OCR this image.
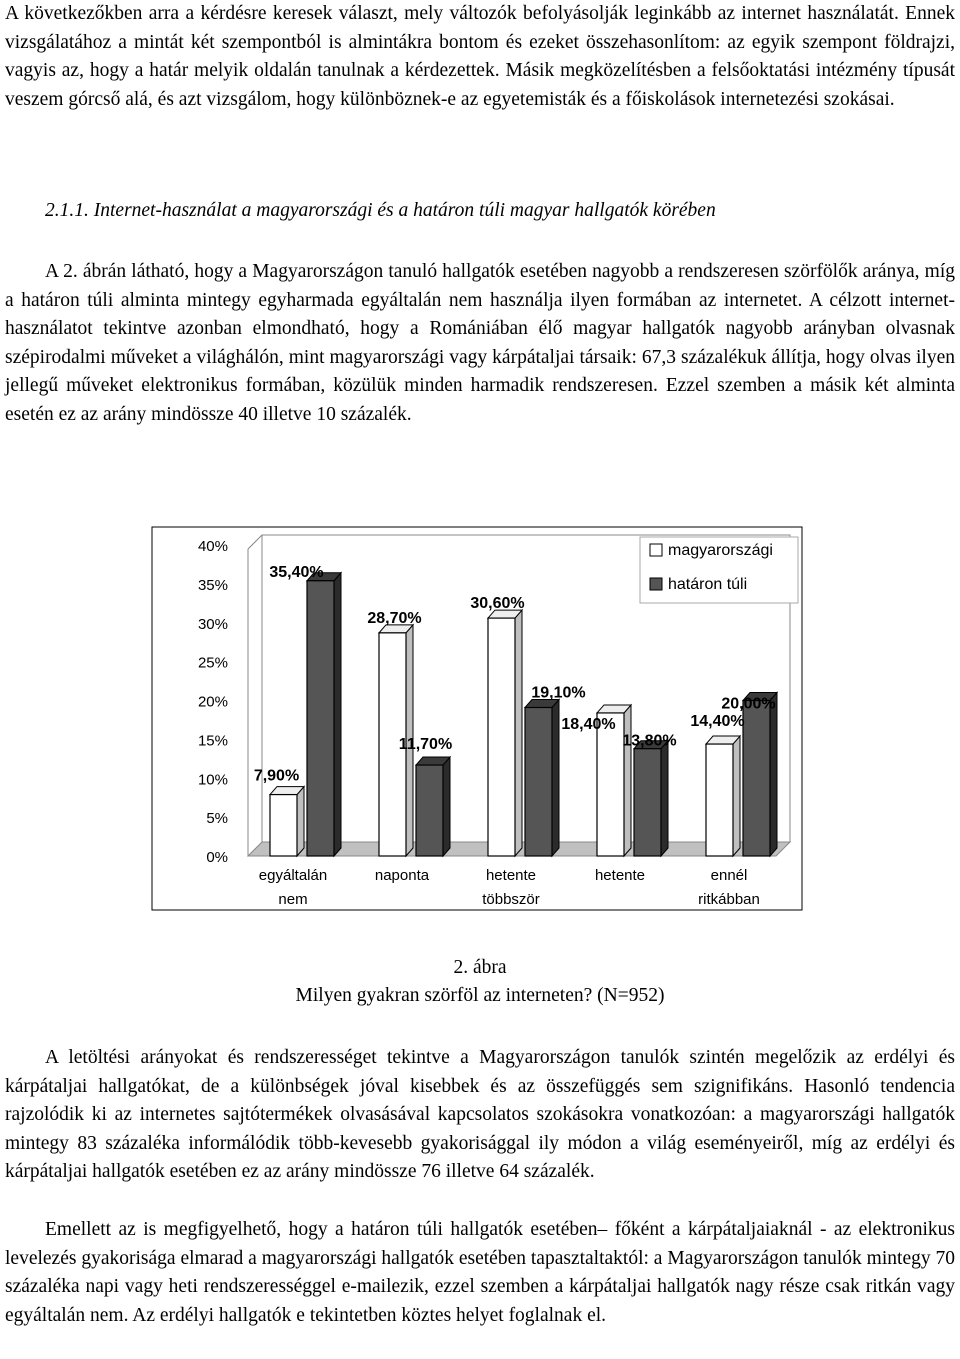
A következőkben arra a kérdésre keresek választ, mely változók befolyásolják leginkább az internet használatát. Ennek vizsgálatához a mintát két szempontból is almintákra bontom és ezeket összehasonlítom: az egyik szempont földrajzi, vagyis az, hogy a határ melyik oldalán tanulnak a kérdezettek. Másik megközelítésben a felsőoktatási intézmény típusát veszem górcső alá, és azt vizsgálom, hogy különböznek-e az egyetemisták és a főiskolások internetezési szokásai.

2.1.1. Internet-használat a magyarországi és a határon túli magyar hallgatók körében

A 2. ábrán látható, hogy a Magyarországon tanuló hallgatók esetében nagyobb a rendszeresen szörfölők aránya, míg a határon túli alminta mintegy egyharmada egyáltalán nem használja ilyen formában az internetet. A célzott internet-használatot tekintve azonban elmondható, hogy a Romániában élő magyar hallgatók nagyobb arányban olvasnak szépirodalmi műveket a világhálón, mint magyarországi vagy kárpátaljai társaik: 67,3 százalékuk állítja, hogy olvas ilyen jellegű műveket elektronikus formában, közülük minden harmadik rendszeresen. Ezzel szemben a másik két alminta esetén ez az arány mindössze 40 illetve 10 százalék.

0%
5%
10%
15%
20%
25%
30%
35%
40%
7,90%
35,40%
28,70%
11,70%
30,60%
19,10%
18,40%
13,80%
14,40%
20,00%
egyáltalán
nem
naponta	hetente
többször
hetente	ennél
ritkábban
magyarországi
határon túli

2. ábra

Milyen gyakran szörföl az interneten? (N=952)

A letöltési arányokat és rendszerességet tekintve a Magyarországon tanulók szintén megelőzik az erdélyi és kárpátaljai hallgatókat, de a különbségek jóval kisebbek és az összefüggés sem szignifikáns. Hasonló tendencia rajzolódik ki az internetes sajtótermékek olvasásával kapcsolatos szokásokra vonatkozóan: a magyarországi hallgatók mintegy 83 százaléka informálódik több-kevesebb gyakorisággal ily módon a világ eseményeiről, míg az erdélyi és kárpátaljai hallgatók esetében ez az arány mindössze 76 illetve 64 százalék.

Emellett az is megfigyelhető, hogy a határon túli hallgatók esetében– főként a kárpátaljaiaknál - az elektronikus levelezés gyakorisága elmarad a magyarországi hallgatók esetében tapasztaltaktól: a Magyarországon tanulók mintegy 70 százaléka napi vagy heti rendszerességgel e-mailezik, ezzel szemben a kárpátaljai hallgatók nagy része csak ritkán vagy egyáltalán nem. Az erdélyi hallgatók e tekintetben köztes helyet foglalnak el.
